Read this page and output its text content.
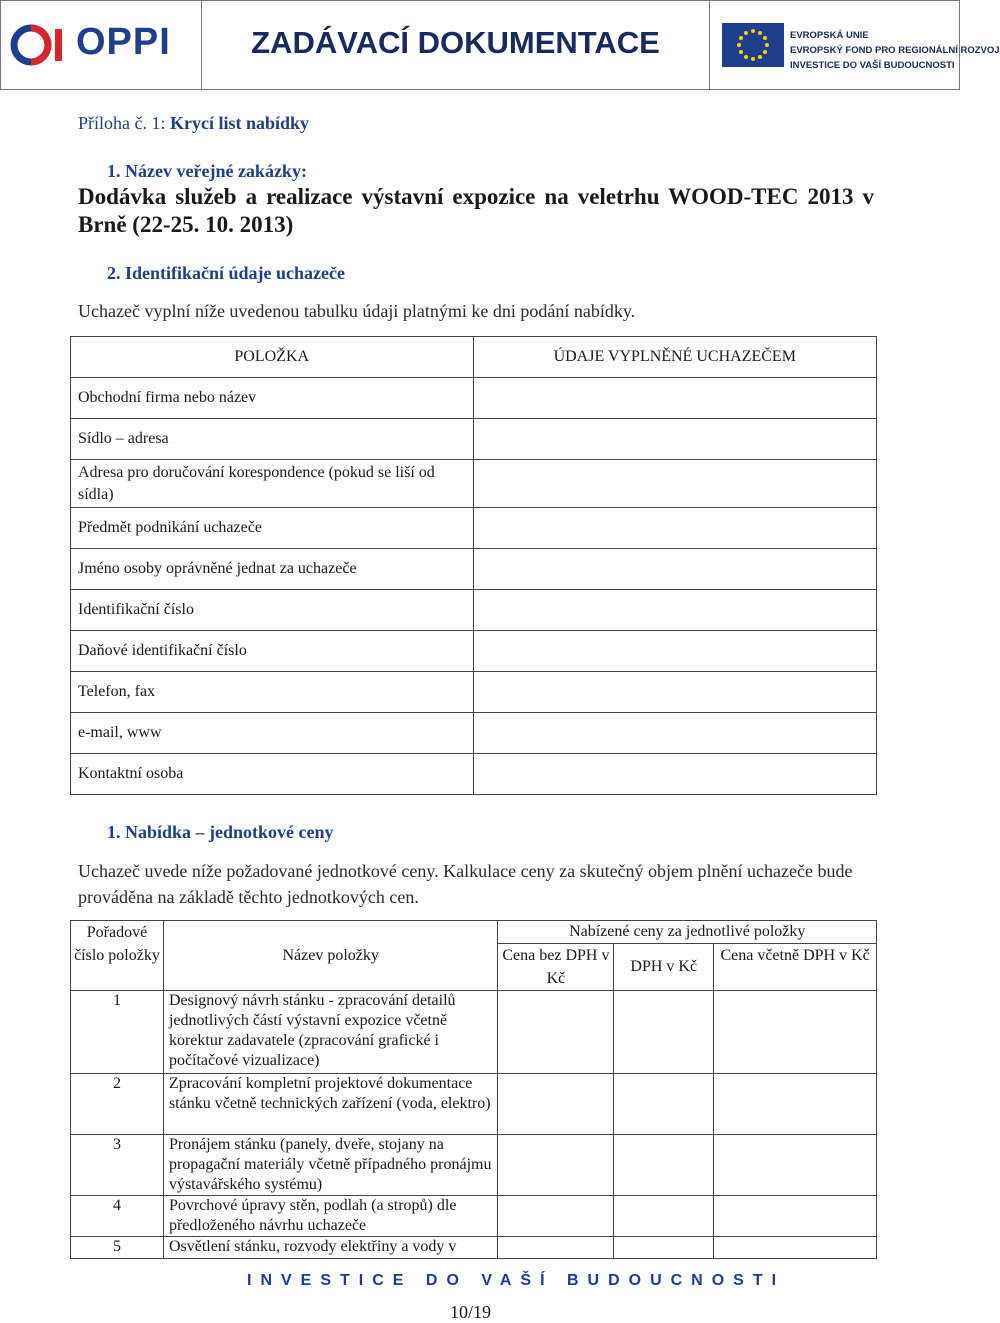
OPPI	ZADÁVACÍ DOKUMENTACE	EVROPSKÁ UNIE
EVROPSKÝ FOND PRO REGIONÁLNÍ ROZVOJ
INVESTICE DO VAŠÍ BUDOUCNOSTI
Příloha č. 1: Krycí list nabídky
1. Název veřejné zakázky:
Dodávka služeb a realizace výstavní expozice na veletrhu WOOD-TEC 2013 v Brně (22-25. 10. 2013)
2. Identifikační údaje uchazeče
Uchazeč vyplní níže uvedenou tabulku údaji platnými ke dni podání nabídky.
POLOŽKA	ÚDAJE VYPLNĚNÉ UCHAZEČEM
Obchodní firma nebo název	
Sídlo – adresa	
Adresa pro doručování korespondence (pokud se liší od sídla)	
Předmět podnikání uchazeče	
Jméno osoby oprávněné jednat za uchazeče	
Identifikační číslo	
Daňové identifikační číslo	
Telefon, fax	
e-mail, www	
Kontaktní osoba	
1. Nabídka – jednotkové ceny
Uchazeč uvede níže požadované jednotkové ceny. Kalkulace ceny za skutečný objem plnění uchazeče bude prováděna na základě těchto jednotkových cen.
Pořadové číslo položky	Název položky	Nabízené ceny za jednotlivé položky		
		Cena bez DPH v Kč	DPH v Kč	Cena včetně DPH v Kč

1	Designový návrh stánku - zpracování detailů jednotlivých částí výstavní expozice včetně korektur zadavatele (zpracování grafické i počítačové vizualizace)			
2	Zpracování kompletní projektové dokumentace stánku včetně technických zařízení (voda, elektro)			
3	Pronájem stánku (panely, dveře, stojany na propagační materiály včetně případného pronájmu výstavářského systému)			
4	Povrchové úpravy stěn, podlah (a stropů) dle předloženého návrhu uchazeče			
5	Osvětlení stánku, rozvody elektřiny a vody v			
INVESTICE DO VAŠÍ BUDOUCNOSTI
10/19
